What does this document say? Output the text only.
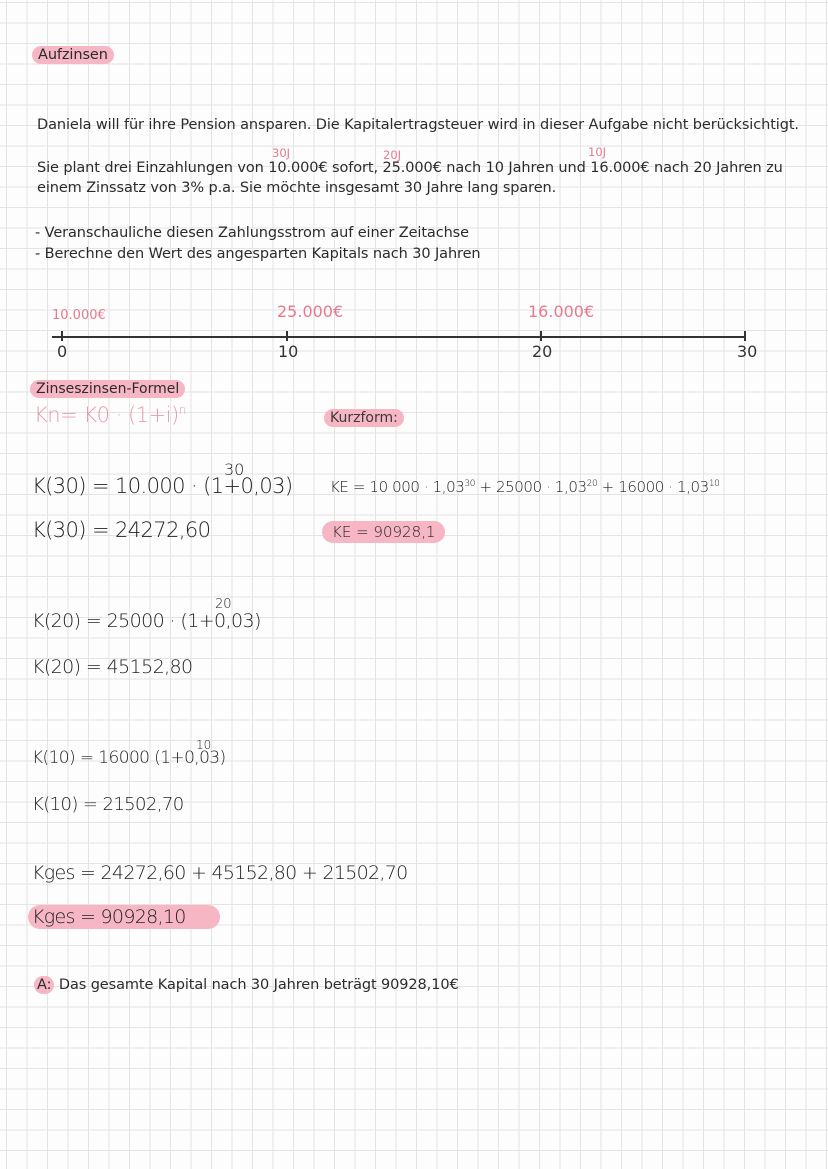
Aufzinsen
Daniela will für ihre Pension ansparen. Die Kapitalertragsteuer wird in dieser Aufgabe nicht berücksichtigt.
Sie plant drei Einzahlungen von 10.000€ sofort, 25.000€ nach 10 Jahren und 16.000€ nach 20 Jahren zu
30J	20J	10J
einem Zinssatz von 3% p.a. Sie möchte insgesamt 30 Jahre lang sparen.
- Veranschauliche diesen Zahlungsstrom auf einer Zeitachse
- Berechne den Wert des angesparten Kapitals nach 30 Jahren
10.000€	25.000€	16.000€
0	10	20	30
Zinseszinsen-Formel
$Kn= K0 \cdot (1+i)^n$	Kurzform:
KE = 10 $000 \cdot 1,03^{30} + 25000 \cdot 1,03^{20} + 16000 \cdot 1,03^{10}$
KE = 90928,1
K(30) = 10.000 · (1+0,03)
30
K(30) = 24272,60
K(20) = 25000 · (1+0,03)
20
K(20) = 45152,80
K(10) = 16000 (1+0,03)
10
K(10) = 21502,70
Kges = 24272,60 + 45152,80 + 21502,70
Kges = 90928,10
A: Das gesamte Kapital nach 30 Jahren beträgt 90928,10€
